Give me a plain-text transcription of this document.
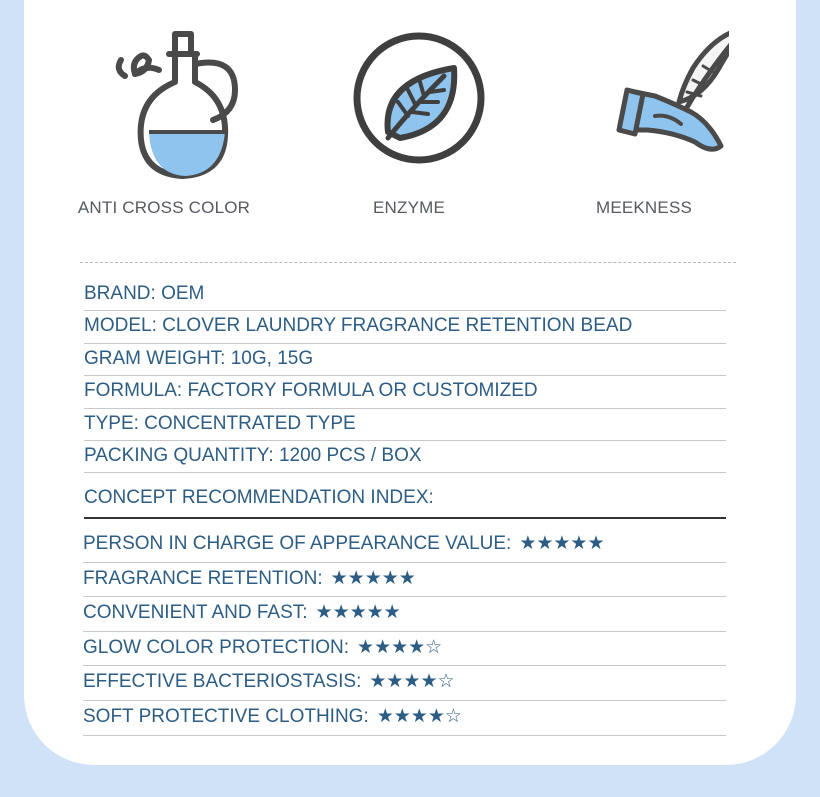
ANTI CROSS COLOR	ENZYME	MEEKNESS
BRAND: OEM
MODEL: CLOVER LAUNDRY FRAGRANCE RETENTION BEAD
GRAM WEIGHT: 10G, 15G
FORMULA: FACTORY FORMULA OR CUSTOMIZED
TYPE: CONCENTRATED TYPE
PACKING QUANTITY: 1200 PCS / BOX
CONCEPT RECOMMENDATION INDEX:
PERSON IN CHARGE OF APPEARANCE VALUE: ★★★★★
FRAGRANCE RETENTION: ★★★★★
CONVENIENT AND FAST: ★★★★★
GLOW COLOR PROTECTION: ★★★★☆
EFFECTIVE BACTERIOSTASIS: ★★★★☆
SOFT PROTECTIVE CLOTHING: ★★★★☆
